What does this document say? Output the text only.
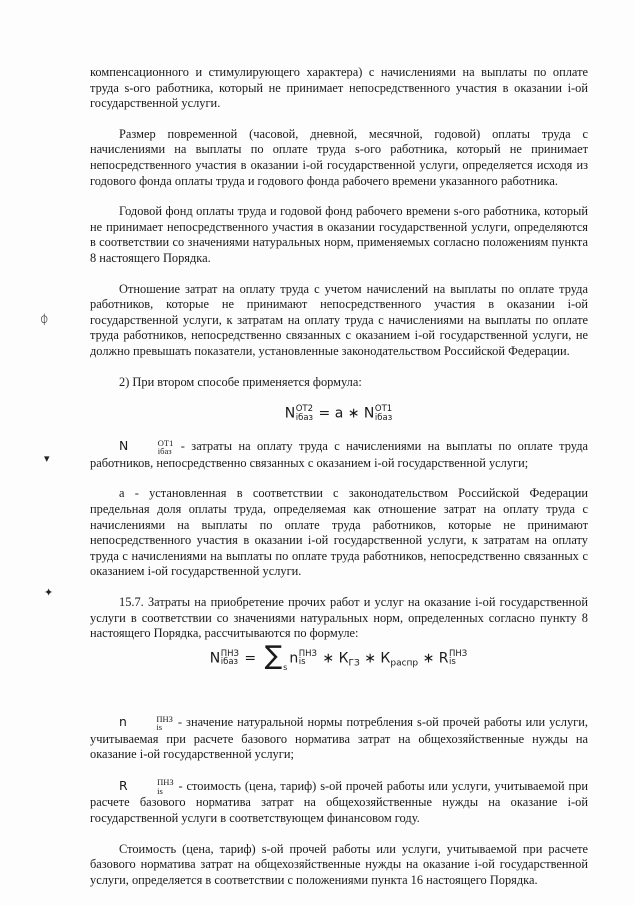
ᛰ
▾
✦

компенсационного и стимулирующего характера) с начислениями на выплаты по оплате труда s-ого работника, который не принимает непосредственного участия в оказании i-ой государственной услуги.

Размер повременной (часовой, дневной, месячной, годовой) оплаты труда с начислениями на выплаты по оплате труда s-ого работника, который не принимает непосредственного участия в оказании i-ой государственной услуги, определяется исходя из годового фонда оплаты труда и годового фонда рабочего времени указанного работника.

Годовой фонд оплаты труда и годовой фонд рабочего времени s-ого работника, который не принимает непосредственного участия в оказании государственной услуги, определяются в соответствии со значениями натуральных норм, применяемых согласно положениям пункта 8 настоящего Порядка.

Отношение затрат на оплату труда с учетом начислений на выплаты по оплате труда работников, которые не принимают непосредственного участия в оказании i-ой государственной услуги, к затратам на оплату труда с начислениями на выплаты по оплате труда работников, непосредственно связанных с оказанием i-ой государственной услуги, не должно превышать показатели, установленные законодательством Российской Федерации.

2) При втором способе применяется формула:

N ОТ2
iбаз = a ∗ N ОТ1
iбаз

N	ОТ1
iбаз - затраты на оплату труда с начислениями на выплаты по оплате труда работников, непосредственно связанных с оказанием i-ой государственной услуги;

a - установленная в соответствии с законодательством Российской Федерации предельная доля оплаты труда, определяемая как отношение затрат на оплату труда с начислениями на выплаты по оплате труда работников, которые не принимают непосредственного участия в оказании i-ой государственной услуги, к затратам на оплату труда с начислениями на выплаты по оплате труда работников, непосредственно связанных с оказанием i-ой государственной услуги.

15.7. Затраты на приобретение прочих работ и услуг на оказание i-ой государственной услуги в соответствии со значениями натуральных норм, определенных согласно пункту 8 настоящего Порядка, рассчитываются по формуле:

N ПНЗ
iбаз = $\sum_sn$ ПНЗ
is ∗ $К_{ГЗ}$ ∗ $К_{распр}$ ∗ R ПНЗ
is

n	ПНЗ
is - значение натуральной нормы потребления s-ой прочей работы или услуги, учитываемая при расчете базового норматива затрат на общехозяйственные нужды на оказание i-ой государственной услуги;

R	ПНЗ
is - стоимость (цена, тариф) s-ой прочей работы или услуги, учитываемой при расчете базового норматива затрат на общехозяйственные нужды на оказание i-ой государственной услуги в соответствующем финансовом году.

Стоимость (цена, тариф) s-ой прочей работы или услуги, учитываемой при расчете базового норматива затрат на общехозяйственные нужды на оказание i-ой государственной услуги, определяется в соответствии с положениями пункта 16 настоящего Порядка.
